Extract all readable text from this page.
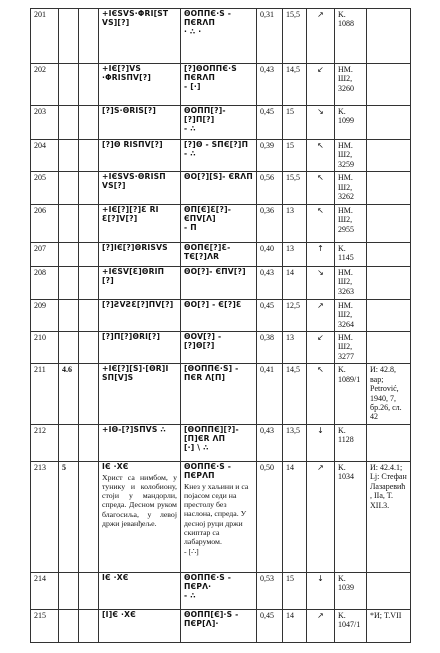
201			+IЄSVS·ΦRI[ST VS][?]	ΘOΠΠЄ·S - ΠЄRΛΠ
· ∴ ·	0,31	15,5	↗	K. 1088	
202			+IЄ[?]VS ·ΦRISΠV[?]	[?]ΘOΠΠЄ·S ΠЄRΛΠ
- [·]	0,43	14,5	↙	НМ. Ш2, 3260	
203			[?]S·ΘRIS[?]	ΘOΠΠ[?]- [?]Π[?]
- ∴	0,45	15	↘	K. 1099	
204			[?]Θ RISΠV[?]	[?]Θ - SΠЄ[?]Π
- ∴	0,39	15	↖	НМ. Ш2, 3259	
205			+IЄSVS·ΘRISΠ VS[?]	ΘO[?][S]- ЄRΛΠ	0,56	15,5	↖	НМ. Ш2, 3262	
206			+IЄ[?][?]Ɛ RI Ɛ[?]V[?]	ΘΠ[Є]Ɛ[?]- ЄΠV[Λ]
- Π	0,36	13	↖	НМ. Ш2, 2955	
207			[?]IЄ[?]ΘRISVS	ΘOΠЄ[?]Ɛ- TЄ[?]ΛR	0,40	13	↑	K. 1145	
208			+IЄSV[Ɛ]ΘRIΠ [?]	ΘO[?]- ЄΠV[?]	0,43	14	↘	НМ. Ш2, 3263	
209			[?]ƧVƧƐ[?]ΠV[?]	ΘO[?] - Є[?]Ɛ	0,45	12,5	↗	НМ. Ш2, 3264	
210			[?]Π[?]ΘRI[?]	ΘOV[?] - [?]Θ[?]	0,38	13	↙	НМ. Ш2, 3277	
211	4.6		+IЄ[?][S]·[ΘR]I SΠ[V]S	[ΘOΠΠЄ·S] - ΠЄR Λ[Π]	0,41	14,5	↖	K. 1089/1	И: 42.8, вар; Petrović, 1940, 7, бр.26, сл. 42
212			+IΘ-[?]SΠVS ∴	[ΘOΠΠЄ][?]- [Π]ЄR ΛΠ
[·] \ ∴	0,43	13,5	↓	K. 1128	
213	5		IЄ ·XЄ
Христ са нимбом, у тунику и колобиону, стоји у мандорли, спреда. Десном руком благосиља, у левој држи јеванђеље.	ΘOΠΠЄ·S - ΠЄΡΛΠ
Кнез у хаљини и са појасом седи на престолу без наслона, спреда. У десној руци држи скиптар са лабарумом.
- [∴]	0,50	14	↗	K. 1034	И: 42.4.1; Lj: Стефан Лазаревић, IIa, T. XII.3.
214			IЄ ·XЄ	ΘOΠΠЄ·S - ΠЄΡΛ·
- ∴	0,53	15	↓	K. 1039	
215			[I]Є ·XЄ	ΘOΠΠ[Є]·S - ΠЄΡ[Λ]·	0,45	14	↗	K. 1047/1	*И; T.VII
